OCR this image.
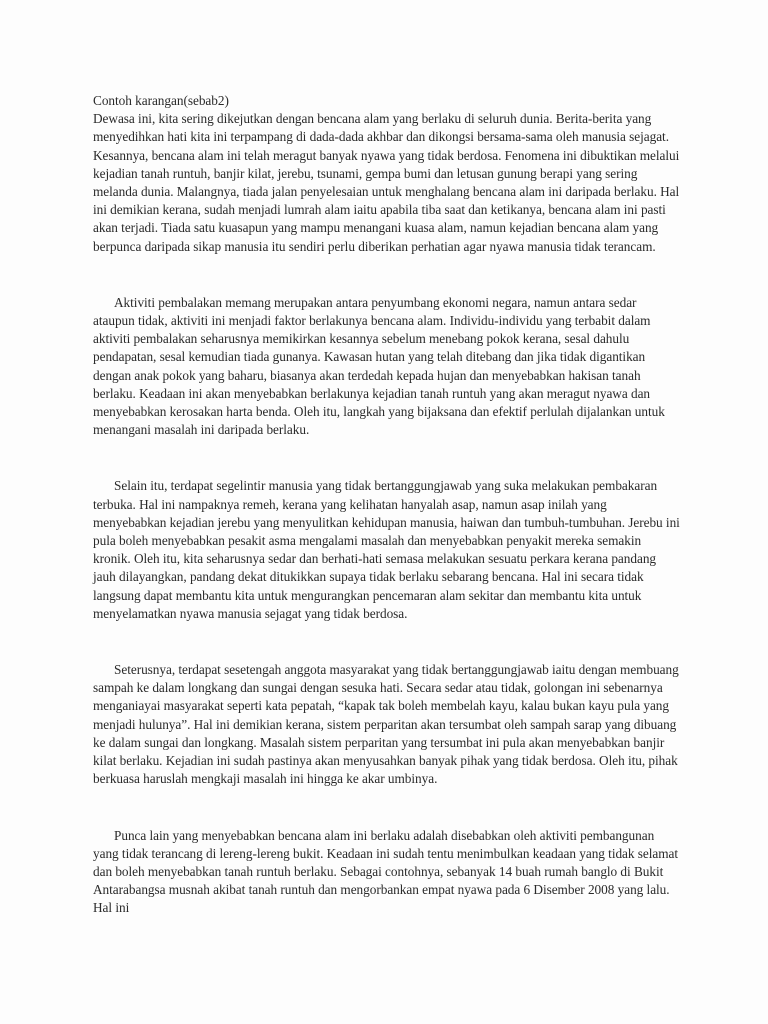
Contoh karangan(sebab2)

Dewasa ini, kita sering dikejutkan dengan bencana alam yang berlaku di seluruh dunia. Berita-berita yang menyedihkan hati kita ini terpampang di dada-dada akhbar dan dikongsi bersama-sama oleh manusia sejagat. Kesannya, bencana alam ini telah meragut banyak nyawa yang tidak berdosa. Fenomena ini dibuktikan melalui kejadian tanah runtuh, banjir kilat, jerebu, tsunami, gempa bumi dan letusan gunung berapi yang sering melanda dunia. Malangnya, tiada jalan penyelesaian untuk menghalang bencana alam ini daripada berlaku. Hal ini demikian kerana, sudah menjadi lumrah alam iaitu apabila tiba saat dan ketikanya, bencana alam ini pasti akan terjadi. Tiada satu kuasapun yang mampu menangani kuasa alam, namun kejadian bencana alam yang berpunca daripada sikap manusia itu sendiri perlu diberikan perhatian agar nyawa manusia tidak terancam.

Aktiviti pembalakan memang merupakan antara penyumbang ekonomi negara, namun antara sedar ataupun tidak, aktiviti ini menjadi faktor berlakunya bencana alam. Individu-individu yang terbabit dalam aktiviti pembalakan seharusnya memikirkan kesannya sebelum menebang pokok kerana, sesal dahulu pendapatan, sesal kemudian tiada gunanya. Kawasan hutan yang telah ditebang dan jika tidak digantikan dengan anak pokok yang baharu, biasanya akan terdedah kepada hujan dan menyebabkan hakisan tanah berlaku. Keadaan ini akan menyebabkan berlakunya kejadian tanah runtuh yang akan meragut nyawa dan menyebabkan kerosakan harta benda. Oleh itu, langkah yang bijaksana dan efektif perlulah dijalankan untuk menangani masalah ini daripada berlaku.

Selain itu, terdapat segelintir manusia yang tidak bertanggungjawab yang suka melakukan pembakaran terbuka. Hal ini nampaknya remeh, kerana yang kelihatan hanyalah asap, namun asap inilah yang menyebabkan kejadian jerebu yang menyulitkan kehidupan manusia, haiwan dan tumbuh-tumbuhan. Jerebu ini pula boleh menyebabkan pesakit asma mengalami masalah dan menyebabkan penyakit mereka semakin kronik. Oleh itu, kita seharusnya sedar dan berhati-hati semasa melakukan sesuatu perkara kerana pandang jauh dilayangkan, pandang dekat ditukikkan supaya tidak berlaku sebarang bencana. Hal ini secara tidak langsung dapat membantu kita untuk mengurangkan pencemaran alam sekitar dan membantu kita untuk menyelamatkan nyawa manusia sejagat yang tidak berdosa.

Seterusnya, terdapat sesetengah anggota masyarakat yang tidak bertanggungjawab iaitu dengan membuang sampah ke dalam longkang dan sungai dengan sesuka hati. Secara sedar atau tidak, golongan ini sebenarnya menganiayai masyarakat seperti kata pepatah, “kapak tak boleh membelah kayu, kalau bukan kayu pula yang menjadi hulunya”. Hal ini demikian kerana, sistem perparitan akan tersumbat oleh sampah sarap yang dibuang ke dalam sungai dan longkang. Masalah sistem perparitan yang tersumbat ini pula akan menyebabkan banjir kilat berlaku. Kejadian ini sudah pastinya akan menyusahkan banyak pihak yang tidak berdosa. Oleh itu, pihak berkuasa haruslah mengkaji masalah ini hingga ke akar umbinya.

Punca lain yang menyebabkan bencana alam ini berlaku adalah disebabkan oleh aktiviti pembangunan yang tidak terancang di lereng-lereng bukit. Keadaan ini sudah tentu menimbulkan keadaan yang tidak selamat dan boleh menyebabkan tanah runtuh berlaku. Sebagai contohnya, sebanyak 14 buah rumah banglo di Bukit Antarabangsa musnah akibat tanah runtuh dan mengorbankan empat nyawa pada 6 Disember 2008 yang lalu. Hal ini
